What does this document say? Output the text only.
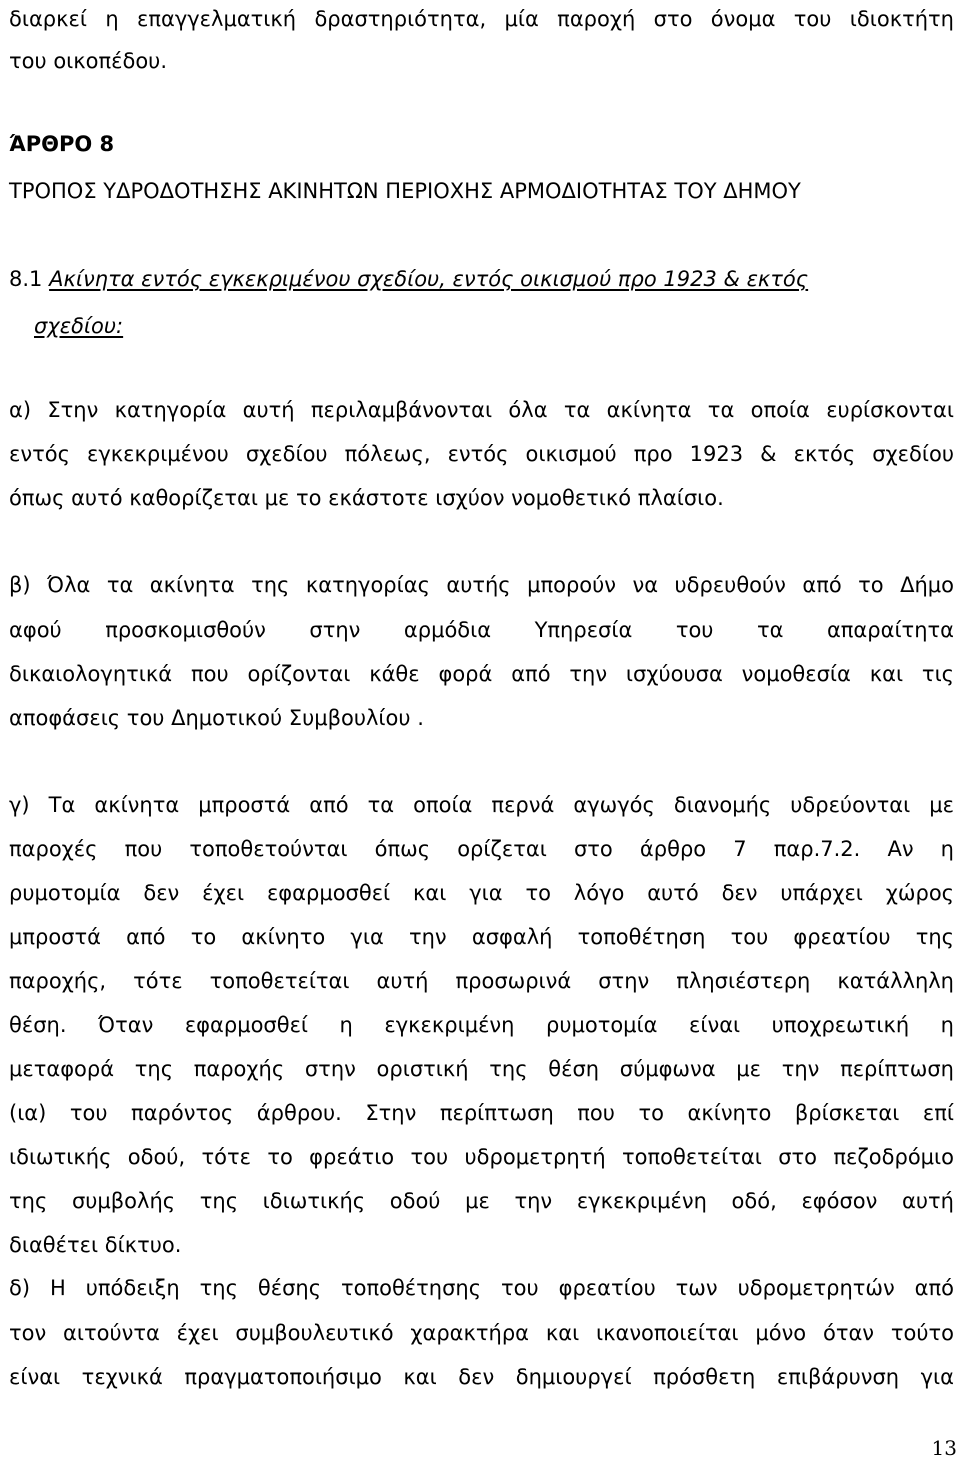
διαρκεί η επαγγελματική δραστηριότητα, μία παροχή στο όνομα του ιδιοκτήτη
του οικοπέδου.
ΆΡΘΡΟ 8
ΤΡΟΠΟΣ ΥΔΡΟΔΟΤΗΣΗΣ ΑΚΙΝΗΤΩΝ ΠΕΡΙΟΧΗΣ ΑΡΜΟΔΙΟΤΗΤΑΣ ΤΟΥ ΔΗΜΟΥ
8.1 Ακίνητα εντός εγκεκριμένου σχεδίου, εντός οικισμού προ 1923 & εκτός
σχεδίου:
α) Στην κατηγορία αυτή περιλαμβάνονται όλα τα ακίνητα τα οποία ευρίσκονται
εντός εγκεκριμένου σχεδίου πόλεως, εντός οικισμού προ 1923 & εκτός σχεδίου
όπως αυτό καθορίζεται με το εκάστοτε ισχύον νομοθετικό πλαίσιο.
β) Όλα τα ακίνητα της κατηγορίας αυτής μπορούν να υδρευθούν από το Δήμο
αφού προσκομισθούν στην αρμόδια Υπηρεσία του τα απαραίτητα
δικαιολογητικά που ορίζονται κάθε φορά από την ισχύουσα νομοθεσία και τις
αποφάσεις του Δημοτικού Συμβουλίου .
γ) Τα ακίνητα μπροστά από τα οποία περνά αγωγός διανομής υδρεύονται με
παροχές που τοποθετούνται όπως ορίζεται στο άρθρο 7 παρ.7.2. Αν η
ρυμοτομία δεν έχει εφαρμοσθεί και για το λόγο αυτό δεν υπάρχει χώρος
μπροστά από το ακίνητο για την ασφαλή τοποθέτηση του φρεατίου της
παροχής, τότε τοποθετείται αυτή προσωρινά στην πλησιέστερη κατάλληλη
θέση. Όταν εφαρμοσθεί η εγκεκριμένη ρυμοτομία είναι υποχρεωτική η
μεταφορά της παροχής στην οριστική της θέση σύμφωνα με την περίπτωση
(ια) του παρόντος άρθρου. Στην περίπτωση που το ακίνητο βρίσκεται επί
ιδιωτικής οδού, τότε το φρεάτιο του υδρομετρητή τοποθετείται στο πεζοδρόμιο
της συμβολής της ιδιωτικής οδού με την εγκεκριμένη οδό, εφόσον αυτή
διαθέτει δίκτυο.
δ) Η υπόδειξη της θέσης τοποθέτησης του φρεατίου των υδρομετρητών από
τον αιτούντα έχει συμβουλευτικό χαρακτήρα και ικανοποιείται μόνο όταν τούτο
είναι τεχνικά πραγματοποιήσιμο και δεν δημιουργεί πρόσθετη επιβάρυνση για
13
